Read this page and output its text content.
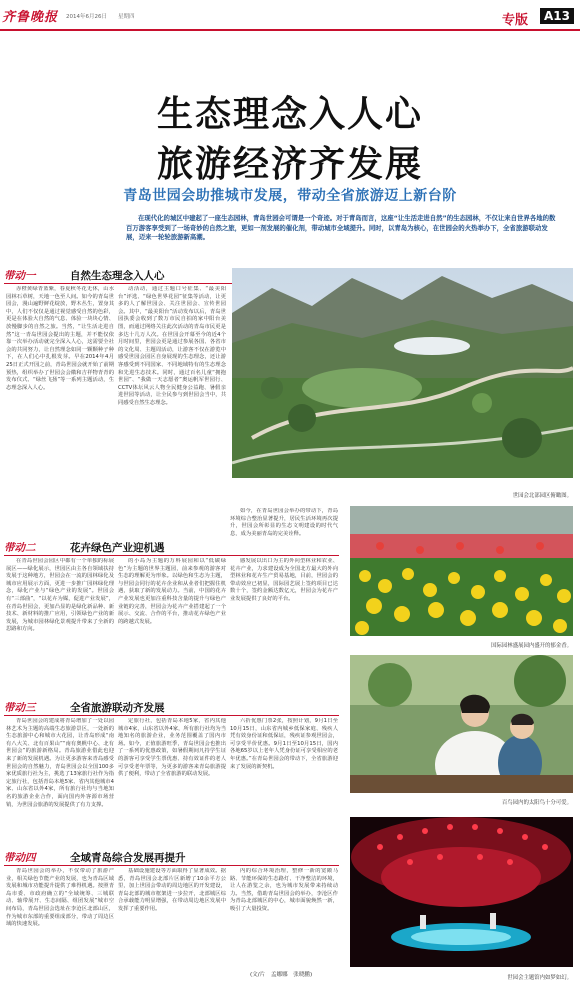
齐鲁晚报	2014年6月26日 星期四	专版	A13
生态理念入人心
旅游经济齐发展
青岛世园会助推城市发展，带动全省旅游迈上新台阶
在现代化的城区中建起了一座生态园林，青岛世园会可谓是一个奇迹。对于青岛而言，这座“让生活走进自然”的生态园林，不仅让来自世界各地的数百万游客享受到了一场奇妙的自然之旅，更如一剂发展的催化剂，带动城市全域提升。同时，以青岛为核心，在世园会的火热举办下，全省旅游联动发展，迈来一轮轮旅游新高潮。
带动一	自然生态理念入人心
赤橙黄绿青蓝紫，春夏秋冬花无休，山水园林石草树，天地一色至人间。如今的青岛世园会，漫山遍野鲜花绽放，野木丛生，置身其中，人们不仅仅是通过视觉感受自然的色彩，更是在体验大自然的气息、体验一块块心情、放慢脚步的自然之旅。当然，“让生活走进自然”这一青岛世园会提出的主题，并不能仅依靠一次举办活动就完全深入人心，这需要全社会的共同努力，让自然理念如同一颗颗种子种下，在人们心中扎根发芽。早在2014年4月25日正式开园之前，青岛世园会就开始了前期预热，组织举办了世园会会徽和吉祥物青青的发布仪式、“绿丝飞扬”等一系列主题活动，生态理念深入人心。
动活动，通过主题口号征集、“最美阳台”评选、“绿色世界花园”征集等活动，让更多的人了解世园会、关注世园会、宣传世园会。其中，“最美阳台”活动发布以后，青岛世园执委会收到了数万市民自拍的家中阳台美图，而通过网络关注此次活动的青岛市民更是多达十几万人次。在世园会开幕至今的近4个月时间里，世园会更是通过参展各国、各省市的文化周、主题周活动，让游客不仅在游览中感受世园会园区自身展现的生态理念，还让游客感受到不同国家、不同地域特有的生态理念和先进生态技术。同时，通过百名儿童“拥抱世园”、“我做一天志愿者”奥运帆军世园行、CCTV体坛风云人物全民健身公益跑、暑假亲进世园等活动，让全民参与到世园会当中，共同感受自然生态理念。
如今，在青岛世园会举办的带动下，青岛环境综合整治显著提升，居民生活环境再次提升，世园会所彰显的生态文明建设的时代气息，成为美丽青岛的完美诠释。
世园会北部园区俯瞰图。
带动二	花卉绿色产业迎机遇
在青岛世园会园区中都有一个单独的标展展区——绿化展示，世园区由主各自领域扶持发展于这种地方，世园会在一流的园林绿化及城市应用展示方面，更进一步推广园林绿化理念，绿化产业与“绿色产业的发展”。世园会有“三部曲”，“以花卉为媒，促进产业发展”，在青岛世园会，更加凸显的是绿化新品种、新技术、新材料的推广应用，引领绿色产业的新发展，为城市园林绿化景观提升带来了全新的思路和方向。
的小岛为主题的万科展园和以“低碳绿色”为主题的世界主题园，前来参观的游客对生态的理解更为形象。以绿色和生态为主题，与世园会同行的花卉企业和从业者们把握住机遇，获取了新的发展动力。当前，中国的花卉产业发展也更加注重科技含量的提升与绿色产业链的完善，世园会为花卉产业搭建起了一个展示、交流、合作的平台，推动花卉绿色产业的跨越式发展。
感发展以出口为主的外向型林业和农业、花卉产业，力求建设成为全国北方最大的外向型林业和花卉生产贸易基地，目前，世园会的带动效应已初显，国际园艺展上签约项目已达数十个，签约金额达数亿元，世园会为花卉产业发展提供了良好的平台。
国际园林盛展园内盛开的郁金香。
带动三	全省旅游联动齐发展
青岛世园会的建成将青岛增加了一处以园林艺术为主题的高端生态旅游景区，一处新的生态旅游中心和城市大花园，让青岛形成“南有八大关、北有百果山”“南有奥帆中心、北有世园会”的旅游新格局。青岛旅游业借此也迎来了新的发展机遇。为让更多游客来青岛感受世园会的自然魅力，青岛世园会以全国100多家优质旅行社为主，挑选了13家旅行社作为指定旅行社，包括青岛本地5家、省内其他城市4家、山东省以外4家，所有旅行社均与当地知名的旅游企业合作，面向国内外客源市场营销，为世园会旅游的发展提供了有力支撑。
定旅行社，包括青岛本地5家，省内其他城市4家，山东省以外4家，所有旅行社均为当地知名的旅游企业，业务范围覆盖了国内市场。如今，正值旅游旺季，青岛世园会也推出了一系列的优惠政策，如暑假期间凡持学生证的游客可享受学生票优惠、持有效证件的老人可享受老年票等，为更多的游客来青岛旅游提供了便利，带动了全省旅游的联动发展。
六折优惠门票2张，按照计划，9月1日至10月15日，山东省内城乡低保家庭、残疾人凭有效身份证和低保证，残疾证参观世园会，可享受半价优惠。9月1日至10月15日，国内各地65岁以上老年人凭身份证可享受相应的老年优惠。”在青岛世园会的带动下，全省旅游迎来了发展的新契机。
百鸟园内的太阳鸟十分可爱。
带动四	全域青岛综合发展再提升
青岛世园会的举办，不仅带动了旅游产业，相关绿色节能产业的发展，也为青岛区域发展和城市功能提升提供了难得机遇。按照青岛市委、市政府确立的“全域统筹、三城联动、轴带展开、生态间隔、组团发展”城市空间布局，青岛世园会选址在李沧区北部山区，作为城市东部的重要组成部分，带动了周边区域的快速发展。
基础设施建设等方面取得了显著成效。据悉，青岛世园会北部片区新增了10余平方公里，加上世园会带动的周边地区的开发建设，青岛北部的城市框架进一步拉开，北部城区综合承载能力明显增强，在带动周边地区发展中发挥了重要作用。
内的综合环境治理，整修一新的宽敞马路、节能环保的生态路灯、干净整洁的环境，让人在游览之余，也为城市发展带来持续动力。当然，借助青岛世园会的举办，李沧区作为青岛北部城区的中心，城市面貌焕然一新，吸引了大量投资。
(文/片　孟娜娜　张晓鹏)	世园会主题馆内如梦如幻。
